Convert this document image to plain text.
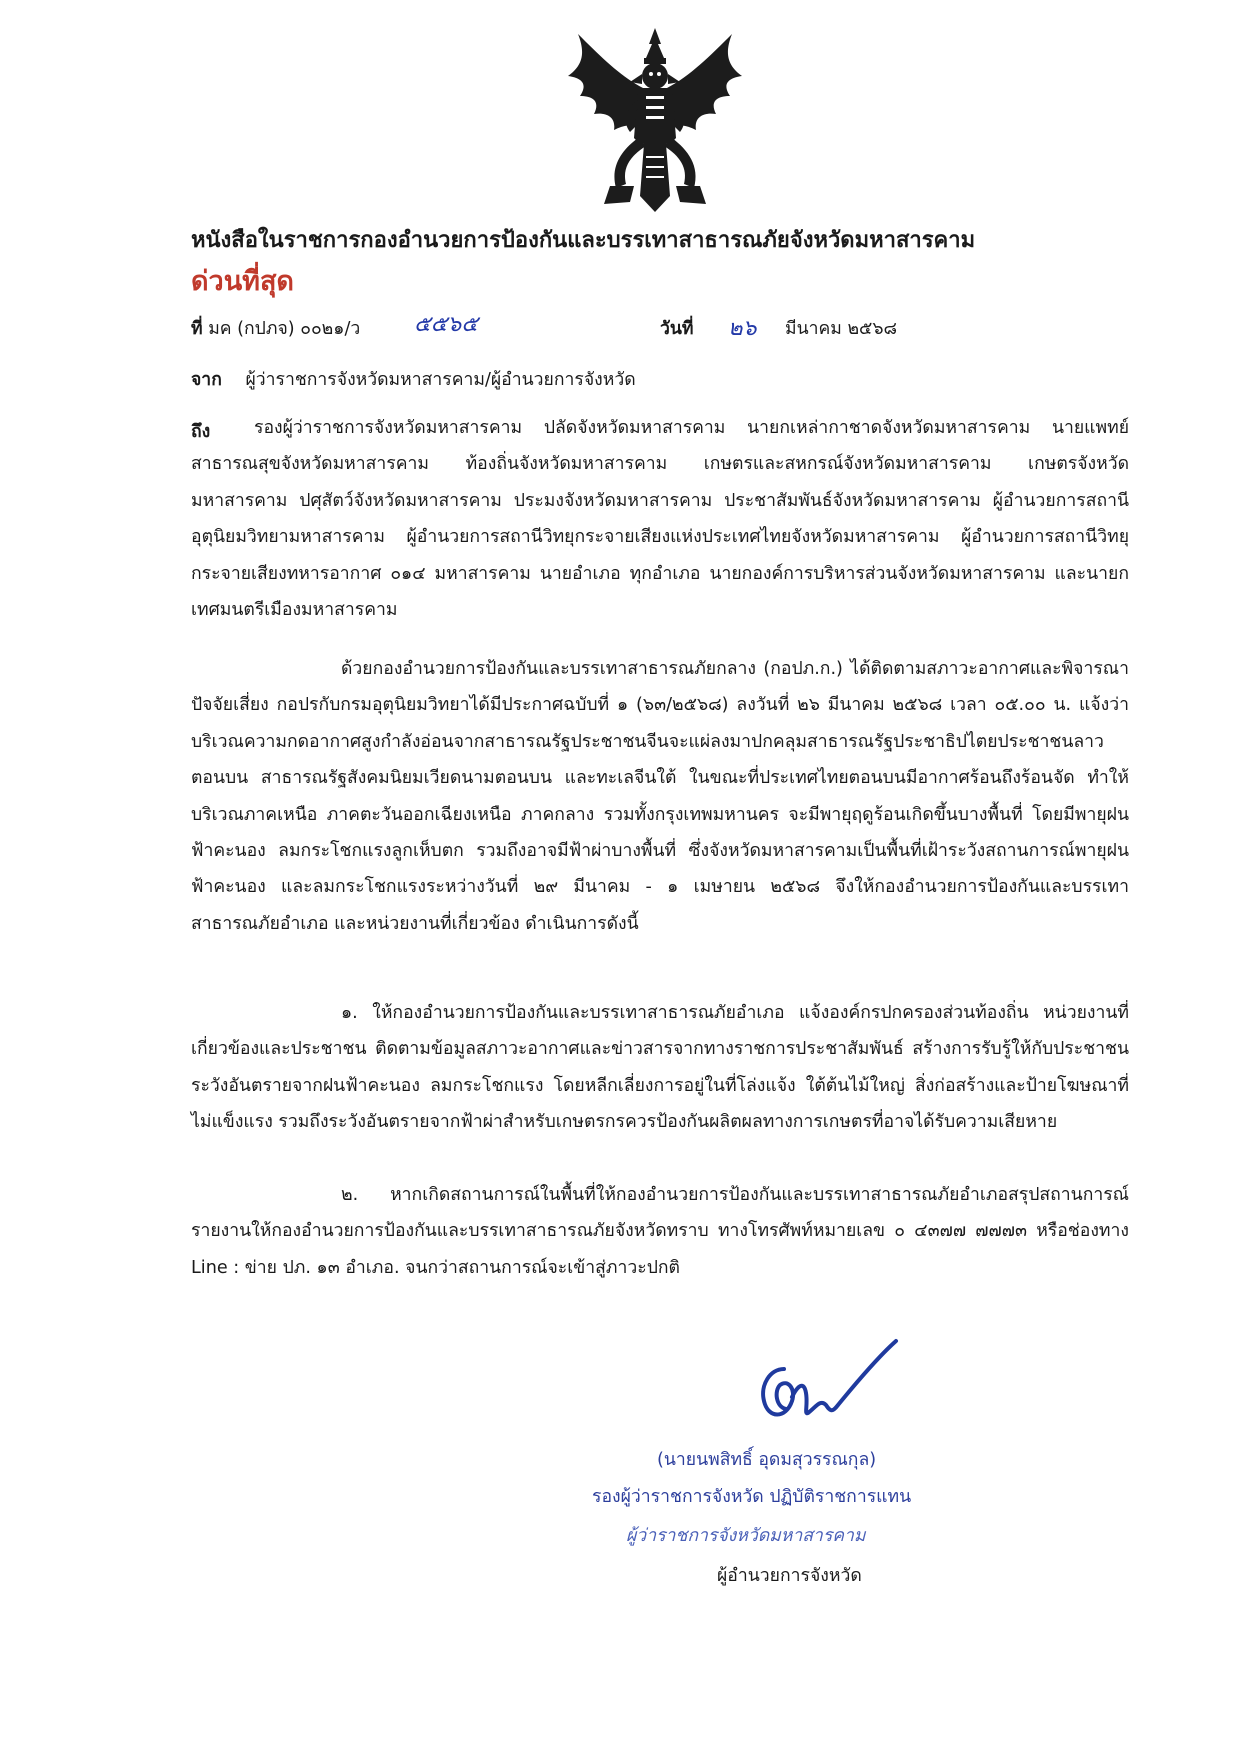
หนังสือในราชการกองอำนวยการป้องกันและบรรเทาสาธารณภัยจังหวัดมหาสารคาม
ด่วนที่สุด
ที่ มค (กปภจ) ๐๐๒๑/ว ๕๕๖๕	วันที่ ๒๖ มีนาคม ๒๕๖๘
จาก ผู้ว่าราชการจังหวัดมหาสารคาม/ผู้อำนวยการจังหวัด
ถึง	รองผู้ว่าราชการจังหวัดมหาสารคาม ปลัดจังหวัดมหาสารคาม นายกเหล่ากาชาดจังหวัดมหาสารคาม นายแพทย์สาธารณสุขจังหวัดมหาสารคาม ท้องถิ่นจังหวัดมหาสารคาม เกษตรและสหกรณ์จังหวัดมหาสารคาม เกษตรจังหวัดมหาสารคาม ปศุสัตว์จังหวัดมหาสารคาม ประมงจังหวัดมหาสารคาม ประชาสัมพันธ์จังหวัดมหาสารคาม ผู้อำนวยการสถานีอุตุนิยมวิทยามหาสารคาม ผู้อำนวยการสถานีวิทยุกระจายเสียงแห่งประเทศไทยจังหวัดมหาสารคาม ผู้อำนวยการสถานีวิทยุกระจายเสียงทหารอากาศ ๐๑๔ มหาสารคาม นายอำเภอ ทุกอำเภอ นายกองค์การบริหารส่วนจังหวัดมหาสารคาม และนายกเทศมนตรีเมืองมหาสารคาม
ด้วยกองอำนวยการป้องกันและบรรเทาสาธารณภัยกลาง (กอปภ.ก.) ได้ติดตามสภาวะอากาศและพิจารณาปัจจัยเสี่ยง กอปรกับกรมอุตุนิยมวิทยาได้มีประกาศฉบับที่ ๑ (๖๓/๒๕๖๘) ลงวันที่ ๒๖ มีนาคม ๒๕๖๘ เวลา ๐๕.๐๐ น. แจ้งว่า บริเวณความกดอากาศสูงกำลังอ่อนจากสาธารณรัฐประชาชนจีนจะแผ่ลงมาปกคลุมสาธารณรัฐประชาธิปไตยประชาชนลาวตอนบน สาธารณรัฐสังคมนิยมเวียดนามตอนบน และทะเลจีนใต้ ในขณะที่ประเทศไทยตอนบนมีอากาศร้อนถึงร้อนจัด ทำให้บริเวณภาคเหนือ ภาคตะวันออกเฉียงเหนือ ภาคกลาง รวมทั้งกรุงเทพมหานคร จะมีพายุฤดูร้อนเกิดขึ้นบางพื้นที่ โดยมีพายุฝนฟ้าคะนอง ลมกระโชกแรงลูกเห็บตก รวมถึงอาจมีฟ้าผ่าบางพื้นที่ ซึ่งจังหวัดมหาสารคามเป็นพื้นที่เฝ้าระวังสถานการณ์พายุฝนฟ้าคะนอง และลมกระโชกแรงระหว่างวันที่ ๒๙ มีนาคม - ๑ เมษายน ๒๕๖๘ จึงให้กองอำนวยการป้องกันและบรรเทาสาธารณภัยอำเภอ และหน่วยงานที่เกี่ยวข้อง ดำเนินการดังนี้
๑. ให้กองอำนวยการป้องกันและบรรเทาสาธารณภัยอำเภอ แจ้งองค์กรปกครองส่วนท้องถิ่น หน่วยงานที่เกี่ยวข้องและประชาชน ติดตามข้อมูลสภาวะอากาศและข่าวสารจากทางราชการประชาสัมพันธ์ สร้างการรับรู้ให้กับประชาชน ระวังอันตรายจากฝนฟ้าคะนอง ลมกระโชกแรง โดยหลีกเลี่ยงการอยู่ในที่โล่งแจ้ง ใต้ต้นไม้ใหญ่ สิ่งก่อสร้างและป้ายโฆษณาที่ไม่แข็งแรง รวมถึงระวังอันตรายจากฟ้าผ่าสำหรับเกษตรกรควรป้องกันผลิตผลทางการเกษตรที่อาจได้รับความเสียหาย
๒. หากเกิดสถานการณ์ในพื้นที่ให้กองอำนวยการป้องกันและบรรเทาสาธารณภัยอำเภอสรุปสถานการณ์รายงานให้กองอำนวยการป้องกันและบรรเทาสาธารณภัยจังหวัดทราบ ทางโทรศัพท์หมายเลข ๐ ๔๓๗๗ ๗๗๗๓ หรือช่องทาง Line : ข่าย ปภ. ๑๓ อำเภอ. จนกว่าสถานการณ์จะเข้าสู่ภาวะปกติ
(นายนพสิทธิ์ อุดมสุวรรณกุล)
รองผู้ว่าราชการจังหวัด ปฏิบัติราชการแทน
ผู้ว่าราชการจังหวัดมหาสารคาม
ผู้อำนวยการจังหวัด
